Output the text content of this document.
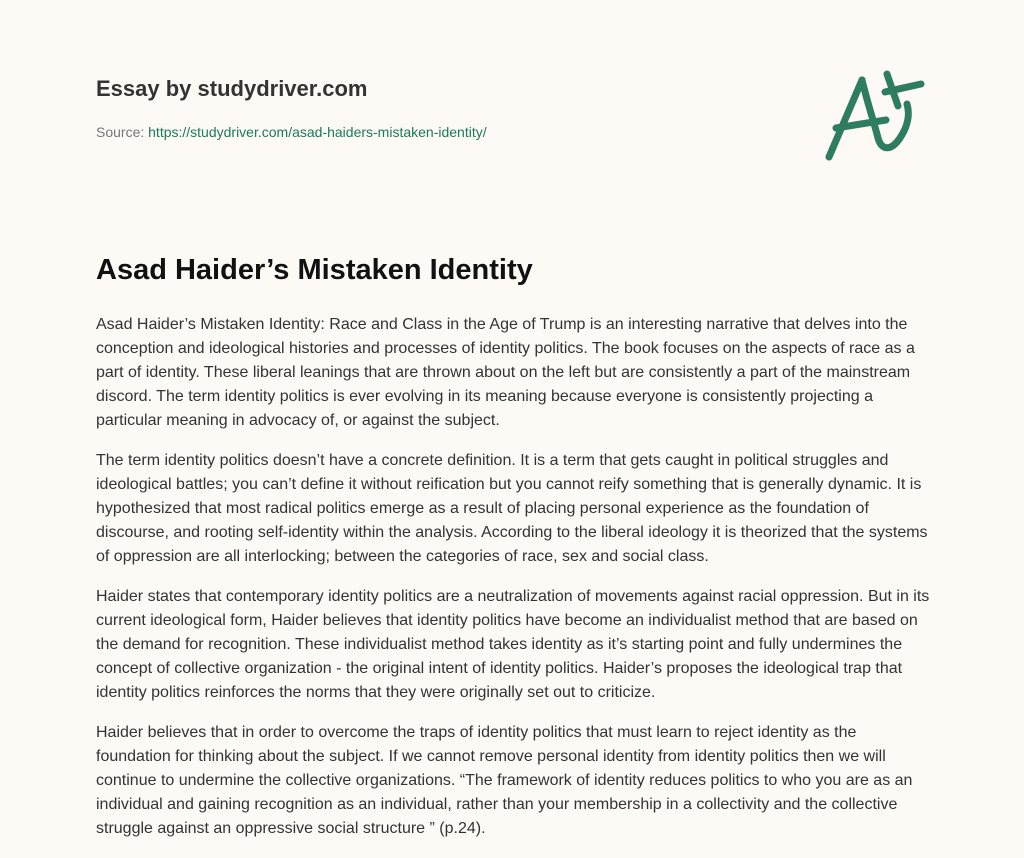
Essay by studydriver.com
Source: https://studydriver.com/asad-haiders-mistaken-identity/
Asad Haider’s Mistaken Identity

Asad Haider’s Mistaken Identity: Race and Class in the Age of Trump is an interesting narrative that delves into the conception and ideological histories and processes of identity politics. The book focuses on the aspects of race as a part of identity. These liberal leanings that are thrown about on the left but are consistently a part of the mainstream discord. The term identity politics is ever evolving in its meaning because everyone is consistently projecting a particular meaning in advocacy of, or against the subject.

The term identity politics doesn’t have a concrete definition. It is a term that gets caught in political struggles and ideological battles; you can’t define it without reification but you cannot reify something that is generally dynamic. It is hypothesized that most radical politics emerge as a result of placing personal experience as the foundation of discourse, and rooting self-identity within the analysis. According to the liberal ideology it is theorized that the systems of oppression are all interlocking; between the categories of race, sex and social class.

Haider states that contemporary identity politics are a neutralization of movements against racial oppression. But in its current ideological form, Haider believes that identity politics have become an individualist method that are based on the demand for recognition. These individualist method takes identity as it’s starting point and fully undermines the concept of collective organization - the original intent of identity politics. Haider’s proposes the ideological trap that identity politics reinforces the norms that they were originally set out to criticize.

Haider believes that in order to overcome the traps of identity politics that must learn to reject identity as the foundation for thinking about the subject. If we cannot remove personal identity from identity politics then we will continue to undermine the collective organizations. “The framework of identity reduces politics to who you are as an individual and gaining recognition as an individual, rather than your membership in a collectivity and the collective struggle against an oppressive social structure ” (p.24).
